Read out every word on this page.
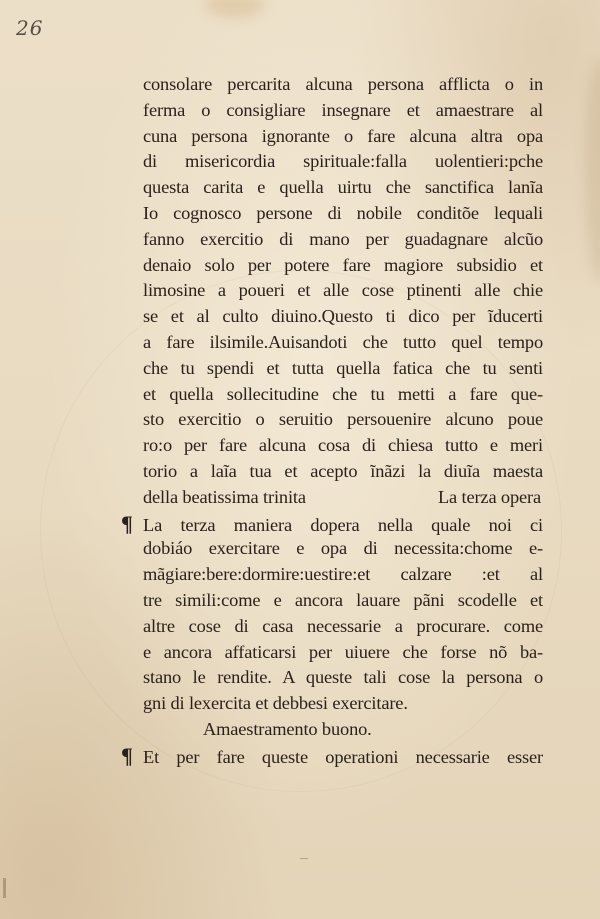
26
consolare percarita alcuna persona afflicta o in
ferma o consigliare insegnare et amaestrare al
cuna persona ignorante o fare alcuna altra opa
di misericordia spirituale:falla uolentieri:pche
questa carita e quella uirtu che sanctifica lanĩa
Io cognosco persone di nobile conditõe lequali
fanno exercitio di mano per guadagnare alcũo
denaio solo per potere fare magiore subsidio et
limosine a poueri et alle cose ptinenti alle chie
se et al culto diuino.Questo ti dico per ĩducerti
a fare ilsimile.Auisandoti che tutto quel tempo
che tu spendi et tutta quella fatica che tu senti
et quella sollecitudine che tu metti a fare que-
sto exercitio o seruitio persouenire alcuno poue
ro:o per fare alcuna cosa di chiesa tutto e meri
torio a laĩa tua et acepto ĩnãzi la diuĩa maesta
della beatissima trinita	La terza opera
¶ La terza maniera dopera nella quale noi ci
dobiáo exercitare e opa di necessita:chome e-
mãgiare:bere:dormire:uestire:et calzare :et al
tre simili:come e ancora lauare pãni scodelle et
altre cose di casa necessarie a procurare. come
e ancora affaticarsi per uiuere che forse nõ ba-
stano le rendite. A queste tali cose la persona o
gni di lexercita et debbesi exercitare.
Amaestramento buono.
¶ Et per fare queste operationi necessarie esser
